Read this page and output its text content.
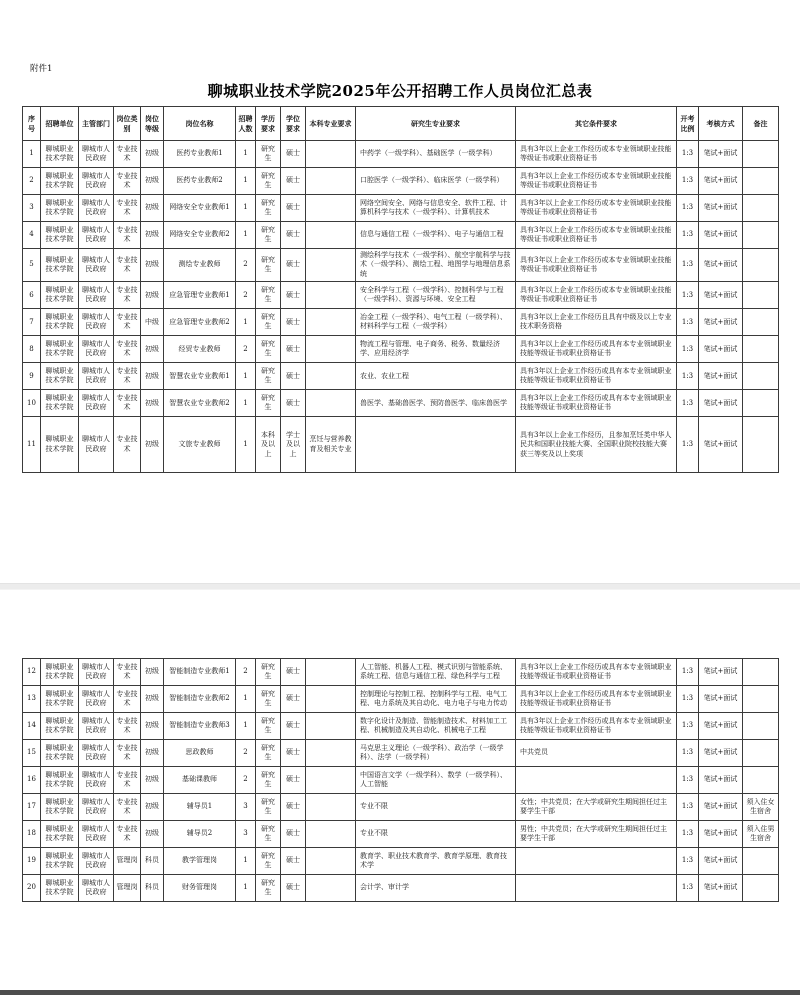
附件1
聊城职业技术学院2025年公开招聘工作人员岗位汇总表
序号	招聘单位	主管部门	岗位类别	岗位等级	岗位名称	招聘人数	学历要求	学位要求	本科专业要求	研究生专业要求	其它条件要求	开考比例	考核方式	备注
1	聊城职业技术学院	聊城市人民政府	专业技术	初级	医药专业教师1	1	研究生	硕士		中药学（一级学科）、基础医学（一级学科）	具有3年以上企业工作经历或本专业领域职业技能等级证书或职业资格证书	1:3	笔试+面试	
2	聊城职业技术学院	聊城市人民政府	专业技术	初级	医药专业教师2	1	研究生	硕士		口腔医学（一级学科）、临床医学（一级学科）	具有3年以上企业工作经历或本专业领域职业技能等级证书或职业资格证书	1:3	笔试+面试	
3	聊城职业技术学院	聊城市人民政府	专业技术	初级	网络安全专业教师1	1	研究生	硕士		网络空间安全、网络与信息安全、软件工程、计算机科学与技术（一级学科）、计算机技术	具有3年以上企业工作经历或本专业领域职业技能等级证书或职业资格证书	1:3	笔试+面试	
4	聊城职业技术学院	聊城市人民政府	专业技术	初级	网络安全专业教师2	1	研究生	硕士		信息与通信工程（一级学科）、电子与通信工程	具有3年以上企业工作经历或本专业领域职业技能等级证书或职业资格证书	1:3	笔试+面试	
5	聊城职业技术学院	聊城市人民政府	专业技术	初级	测绘专业教师	2	研究生	硕士		测绘科学与技术（一级学科）、航空宇航科学与技术（一级学科）、测绘工程、地图学与地理信息系统	具有3年以上企业工作经历或本专业领域职业技能等级证书或职业资格证书	1:3	笔试+面试	
6	聊城职业技术学院	聊城市人民政府	专业技术	初级	应急管理专业教师1	2	研究生	硕士		安全科学与工程（一级学科）、控制科学与工程（一级学科）、资源与环境、安全工程	具有3年以上企业工作经历或本专业领域职业技能等级证书或职业资格证书	1:3	笔试+面试	
7	聊城职业技术学院	聊城市人民政府	专业技术	中级	应急管理专业教师2	1	研究生	硕士		冶金工程（一级学科）、电气工程（一级学科）、材料科学与工程（一级学科）	具有3年以上企业工作经历且具有中级及以上专业技术职务资格	1:3	笔试+面试	
8	聊城职业技术学院	聊城市人民政府	专业技术	初级	经贸专业教师	2	研究生	硕士		物流工程与管理、电子商务、税务、数量经济学、应用经济学	具有3年以上企业工作经历或具有本专业领域职业技能等级证书或职业资格证书	1:3	笔试+面试	
9	聊城职业技术学院	聊城市人民政府	专业技术	初级	智慧农业专业教师1	1	研究生	硕士		农业、农业工程	具有3年以上企业工作经历或具有本专业领域职业技能等级证书或职业资格证书	1:3	笔试+面试	
10	聊城职业技术学院	聊城市人民政府	专业技术	初级	智慧农业专业教师2	1	研究生	硕士		兽医学、基础兽医学、预防兽医学、临床兽医学	具有3年以上企业工作经历或具有本专业领域职业技能等级证书或职业资格证书	1:3	笔试+面试	
11	聊城职业技术学院	聊城市人民政府	专业技术	初级	文旅专业教师	1	本科及以上	学士及以上	烹饪与营养教育及相关专业		具有3年以上企业工作经历，且参加烹饪类中华人民共和国职业技能大赛、全国职业院校技能大赛获三等奖及以上奖项	1:3	笔试+面试	
12	聊城职业技术学院	聊城市人民政府	专业技术	初级	智能制造专业教师1	2	研究生	硕士		人工智能、机器人工程、模式识别与智能系统、系统工程、信息与通信工程、绿色科学与工程	具有3年以上企业工作经历或具有本专业领域职业技能等级证书或职业资格证书	1:3	笔试+面试	
13	聊城职业技术学院	聊城市人民政府	专业技术	初级	智能制造专业教师2	1	研究生	硕士		控制理论与控制工程、控制科学与工程、电气工程、电力系统及其自动化、电力电子与电力传动	具有3年以上企业工作经历或具有本专业领域职业技能等级证书或职业资格证书	1:3	笔试+面试	
14	聊城职业技术学院	聊城市人民政府	专业技术	初级	智能制造专业教师3	1	研究生	硕士		数字化设计及制造、智能制造技术、材料加工工程、机械制造及其自动化、机械电子工程	具有3年以上企业工作经历或具有本专业领域职业技能等级证书或职业资格证书	1:3	笔试+面试	
15	聊城职业技术学院	聊城市人民政府	专业技术	初级	思政教师	2	研究生	硕士		马克思主义理论（一级学科）、政治学（一级学科）、法学（一级学科）	中共党员	1:3	笔试+面试	
16	聊城职业技术学院	聊城市人民政府	专业技术	初级	基础课教师	2	研究生	硕士		中国语言文学（一级学科）、数学（一级学科）、人工智能		1:3	笔试+面试	
17	聊城职业技术学院	聊城市人民政府	专业技术	初级	辅导员1	3	研究生	硕士		专业不限	女性；中共党员；在大学或研究生期间担任过主要学生干部	1:3	笔试+面试	须入住女生宿舍
18	聊城职业技术学院	聊城市人民政府	专业技术	初级	辅导员2	3	研究生	硕士		专业不限	男性；中共党员；在大学或研究生期间担任过主要学生干部	1:3	笔试+面试	须入住男生宿舍
19	聊城职业技术学院	聊城市人民政府	管理岗	科员	教学管理岗	1	研究生	硕士		教育学、职业技术教育学、教育学原理、教育技术学		1:3	笔试+面试	
20	聊城职业技术学院	聊城市人民政府	管理岗	科员	财务管理岗	1	研究生	硕士		会计学、审计学		1:3	笔试+面试	
